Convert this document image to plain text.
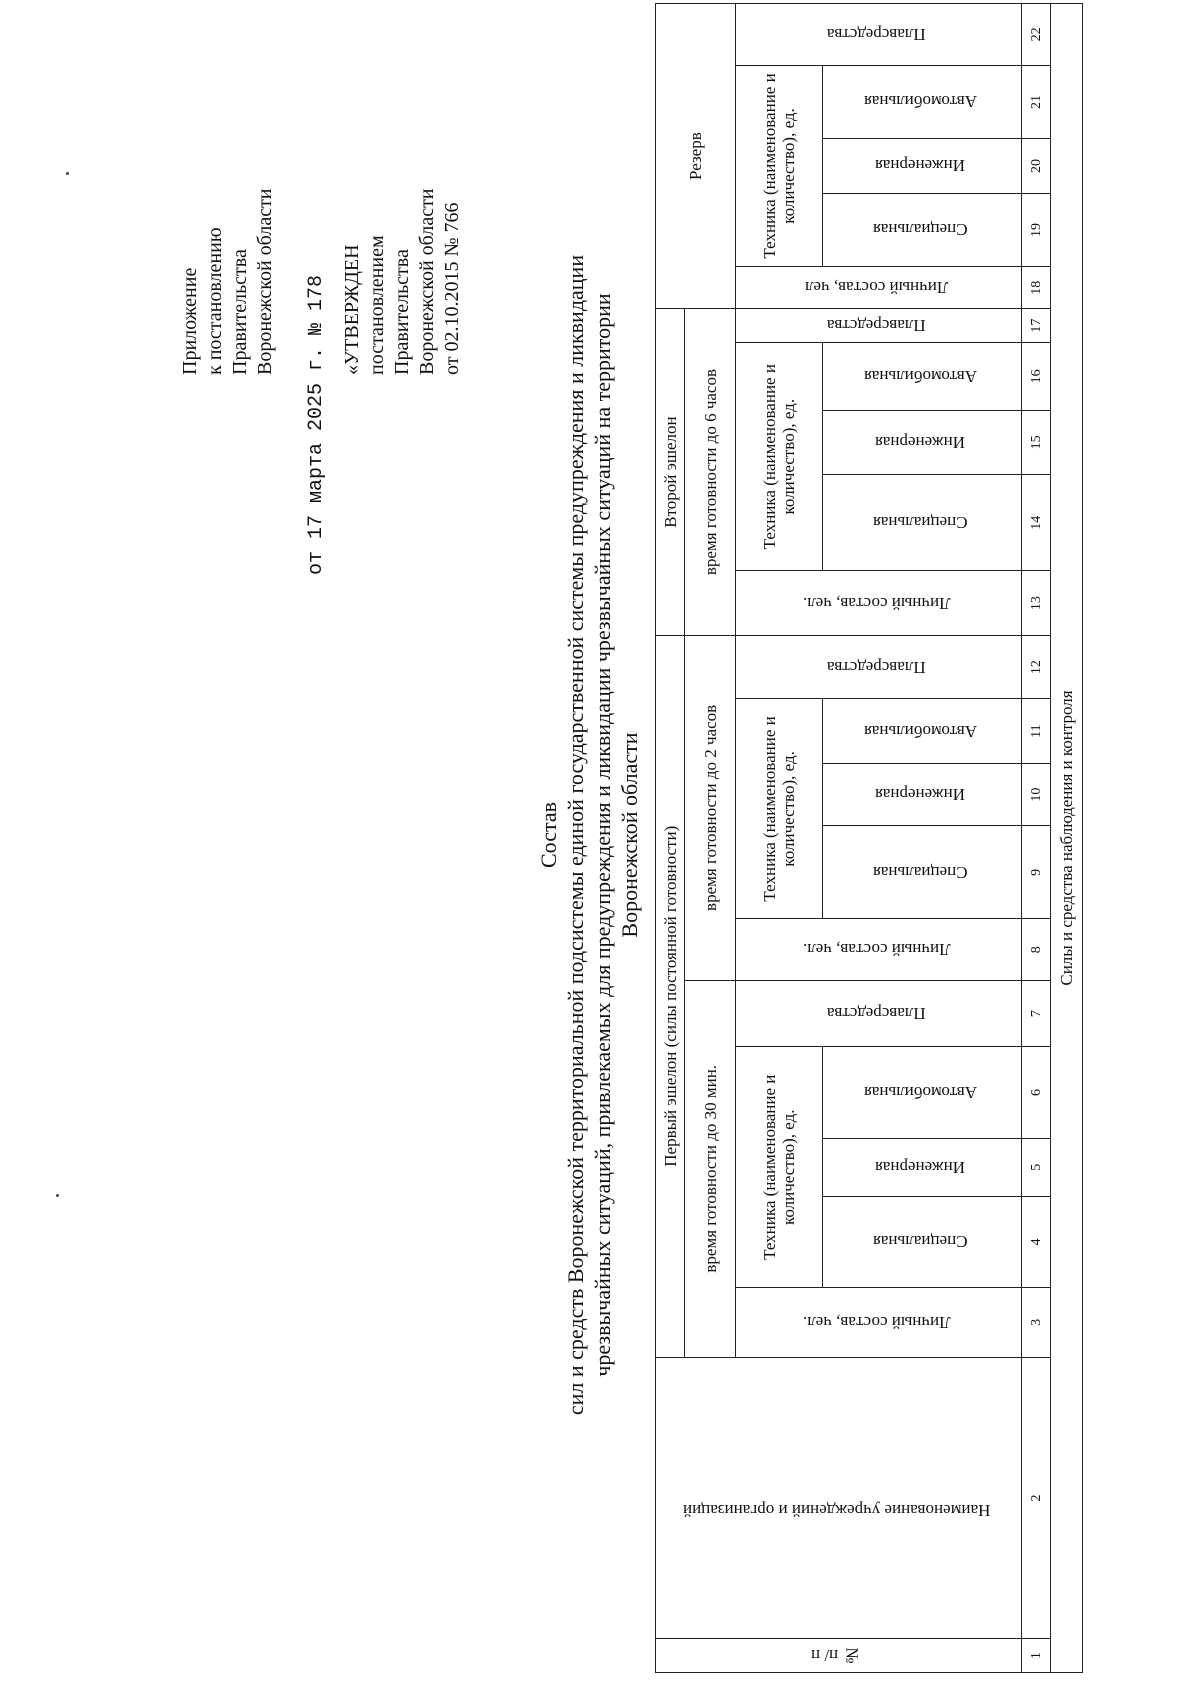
Приложение к постановлению Правительства Воронежской области от 17 марта 2025 г. № 178 «УТВЕРЖДЕН постановлением Правительства Воронежской области от 02.10.2015 № 766
Состав сил и средств Воронежской территориальной подсистемы единой государственной системы предупреждения и ликвидации чрезвычайных ситуаций, привлекаемых для предупреждения и ликвидации чрезвычайных ситуаций на территории Воронежской области
№ п/ п	Наименование учреждений и организаций	Первый эшелон (силы постоянной готовности)										Второй эшелон					Резерв				
		время готовности до 30 мин.					время готовности до 2 часов					время готовности до 6 часов									
		Личный состав, чел.	Техника (наименование и количество), ед.			Плавсредства	Личный состав, чел.	Техника (наименование и количество), ед.			Плавсредства	Личный состав, чел.	Техника (наименование и количество), ед.			Плавсредства	Личный состав, чел	Техника (наименование и количество), ед.			Плавсредства
			Специальная	Инженерная	Автомобильная			Специальная	Инженерная	Автомобильная			Специальная	Инженерная	Автомобильная			Специальная	Инженерная	Автомобильная	
1	2	3	4	5	6	7	8	9	10	11	12	13	14	15	16	17	18	19	20	21	22
Силы и средства наблюдения и контроля																					
